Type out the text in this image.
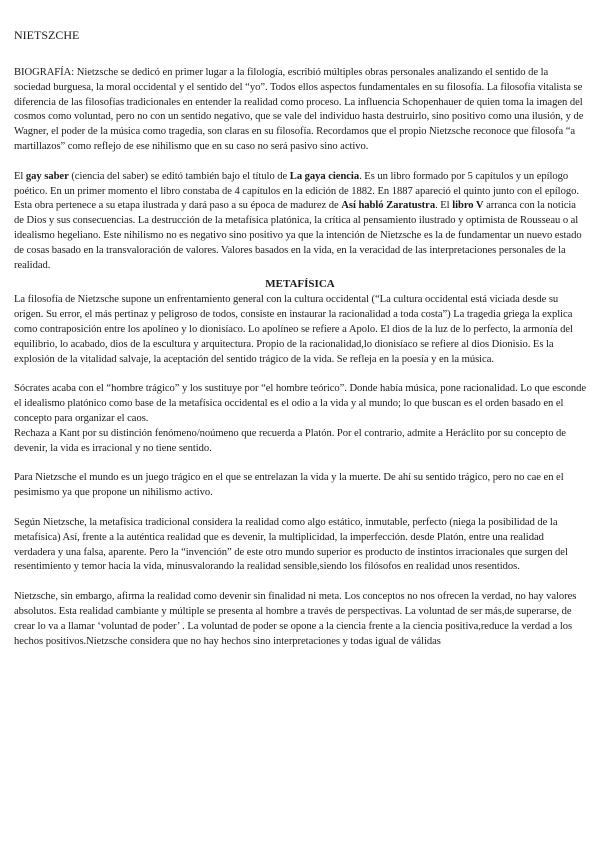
NIETSZCHE

BIOGRAFÍA: Nietzsche se dedicó en primer lugar a la filología, escribió múltiples obras personales analizando el sentido de la sociedad burguesa, la moral occidental y el sentido del “yo”. Todos ellos aspectos fundamentales en su filosofía. La filosofía vitalista se diferencia de las filosofías tradicionales en entender la realidad como proceso. La influencia Schopenhauer de quien toma la imagen del cosmos como voluntad, pero no con un sentido negativo, que se vale del individuo hasta destruirlo, sino positivo como una ilusión, y de Wagner, el poder de la música como tragedia, son claras en su filosofía. Recordamos que el propio Nietzsche reconoce que filosofa “a martillazos” como reflejo de ese nihilismo que en su caso no será pasivo sino activo.

El gay saber (ciencia del saber) se editó también bajo el título de La gaya ciencia. Es un libro formado por 5 capítulos y un epílogo poético. En un primer momento el libro constaba de 4 capítulos en la edición de 1882. En 1887 apareció el quinto junto con el epílogo. Esta obra pertenece a su etapa ilustrada y dará paso a su época de madurez de Así habló Zaratustra. El libro V arranca con la noticia de Dios y sus consecuencias. La destrucción de la metafísica platónica, la crítica al pensamiento ilustrado y optimista de Rousseau o al idealismo hegeliano. Este nihilismo no es negativo sino positivo ya que la intención de Nietzsche es la de fundamentar un nuevo estado de cosas basado en la transvaloración de valores. Valores basados en la vida, en la veracidad de las interpretaciones personales de la realidad.

METAFÍSICA

La filosofía de Nietzsche supone un enfrentamiento general con la cultura occidental (“La cultura occidental está viciada desde su origen. Su error, el más pertinaz y peligroso de todos, consiste en instaurar la racionalidad a toda costa”) La tragedia griega la explica como contraposición entre los apolíneo y lo dionisíaco. Lo apolíneo se refiere a Apolo. El dios de la luz de lo perfecto, la armonía del equilibrio, lo acabado, dios de la escultura y arquitectura. Propio de la racionalidad,lo dionisíaco se refiere al dios Dionisio. Es la explosión de la vitalidad salvaje, la aceptación del sentido trágico de la vida. Se refleja en la poesía y en la música.

Sócrates acaba con el “hombre trágico” y los sustituye por “el hombre teórico”. Donde había música, pone racionalidad. Lo que esconde el idealismo platónico como base de la metafísica occidental es el odio a la vida y al mundo; lo que buscan es el orden basado en el concepto para organizar el caos.

Rechaza a Kant por su distinción fenómeno/noúmeno que recuerda a Platón. Por el contrario, admite a Heráclito por su concepto de devenir, la vida es irracional y no tiene sentido.

Para Nietzsche el mundo es un juego trágico en el que se entrelazan la vida y la muerte. De ahí su sentido trágico, pero no cae en el pesimismo ya que propone un nihilismo activo.

Según Nietzsche, la metafísica tradicional considera la realidad como algo estático, inmutable, perfecto (niega la posibilidad de la metafísica) Así, frente a la auténtica realidad que es devenir, la multiplicidad, la imperfección. desde Platón, entre una realidad verdadera y una falsa, aparente. Pero la “invención” de este otro mundo superior es producto de instintos irracionales que surgen del resentimiento y temor hacia la vida, minusvalorando la realidad sensible,siendo los filósofos en realidad unos resentidos.

Nietzsche, sin embargo, afirma la realidad como devenir sin finalidad ni meta. Los conceptos no nos ofrecen la verdad, no hay valores absolutos. Esta realidad cambiante y múltiple se presenta al hombre a través de perspectivas. La voluntad de ser más,de superarse, de crear lo va a llamar ‘voluntad de poder’ . La voluntad de poder se opone a la ciencia frente a la ciencia positiva,reduce la verdad a los hechos positivos.Nietzsche considera que no hay hechos sino interpretaciones y todas igual de válidas
